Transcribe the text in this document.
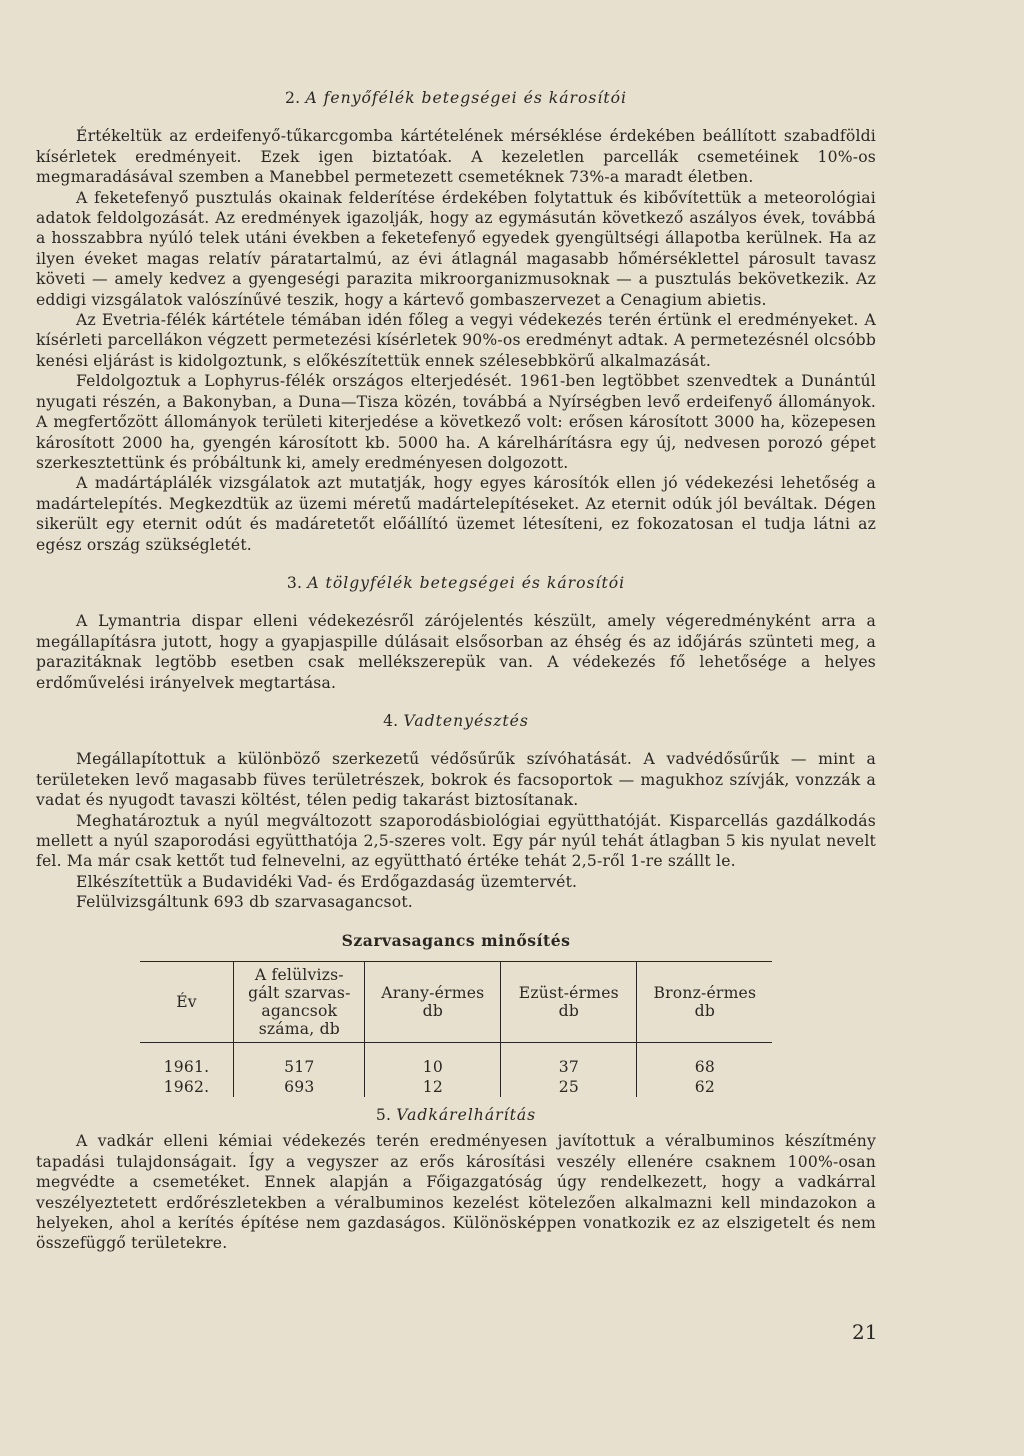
2. A fenyőfélék betegségei és károsítói

Értékeltük az erdeifenyő-tűkarcgomba kártételének mérséklése érdekében beállított szabadföldi kísérletek eredményeit. Ezek igen biztatóak. A kezeletlen parcellák csemetéinek 10%-os megmaradásával szemben a Manebbel permetezett csemetéknek 73%-a maradt életben.

A feketefenyő pusztulás okainak felderítése érdekében folytattuk és kibővítettük a meteorológiai adatok feldolgozását. Az eredmények igazolják, hogy az egymásután következő aszályos évek, továbbá a hosszabbra nyúló telek utáni években a feketefenyő egyedek gyengültségi állapotba kerülnek. Ha az ilyen éveket magas relatív páratartalmú, az évi átlagnál magasabb hőmérséklettel párosult tavasz követi — amely kedvez a gyengeségi parazita mikroorganizmusoknak — a pusztulás bekövetkezik. Az eddigi vizsgálatok valószínűvé teszik, hogy a kártevő gombaszervezet a Cenagium abietis.

Az Evetria-félék kártétele témában idén főleg a vegyi védekezés terén értünk el eredményeket. A kísérleti parcellákon végzett permetezési kísérletek 90%-os eredményt adtak. A permetezésnél olcsóbb kenési eljárást is kidolgoztunk, s előkészítettük ennek szélesebbkörű alkalmazását.

Feldolgoztuk a Lophyrus-félék országos elterjedését. 1961-ben legtöbbet szenvedtek a Dunántúl nyugati részén, a Bakonyban, a Duna—Tisza közén, továbbá a Nyírségben levő erdeifenyő állományok. A megfertőzött állományok területi kiterjedése a következő volt: erősen károsított 3000 ha, közepesen károsított 2000 ha, gyengén károsított kb. 5000 ha. A kárelhárításra egy új, nedvesen porozó gépet szerkesztettünk és próbáltunk ki, amely eredményesen dolgozott.

A madártáplálék vizsgálatok azt mutatják, hogy egyes károsítók ellen jó védekezési lehetőség a madártelepítés. Megkezdtük az üzemi méretű madártelepítéseket. Az eternit odúk jól beváltak. Dégen sikerült egy eternit odút és madáretetőt előállító üzemet létesíteni, ez fokozatosan el tudja látni az egész ország szükségletét.

3. A tölgyfélék betegségei és károsítói

A Lymantria dispar elleni védekezésről zárójelentés készült, amely végeredményként arra a megállapításra jutott, hogy a gyapjaspille dúlásait elsősorban az éhség és az időjárás szünteti meg, a parazitáknak legtöbb esetben csak mellékszerepük van. A védekezés fő lehetősége a helyes erdőművelési irányelvek megtartása.

4. Vadtenyésztés

Megállapítottuk a különböző szerkezetű védősűrűk szívóhatását. A vadvédősűrűk — mint a területeken levő magasabb füves területrészek, bokrok és facsoportok — magukhoz szívják, vonzzák a vadat és nyugodt tavaszi költést, télen pedig takarást biztosítanak.

Meghatároztuk a nyúl megváltozott szaporodásbiológiai együtthatóját. Kisparcellás gazdálkodás mellett a nyúl szaporodási együtthatója 2,5-szeres volt. Egy pár nyúl tehát átlagban 5 kis nyulat nevelt fel. Ma már csak kettőt tud felnevelni, az együttható értéke tehát 2,5-ről 1-re szállt le.

Elkészítettük a Budavidéki Vad- és Erdőgazdaság üzemtervét.

Felülvizsgáltunk 693 db szarvasagancsot.

Szarvasagancs minősítés
Év	A felülvizs-gált szarvas-agancsok száma, db	Arany-érmes db	Ezüst-érmes db	Bronz-érmes db
1961.	517	10	37	68
1962.	693	12	25	62
5. Vadkárelhárítás

A vadkár elleni kémiai védekezés terén eredményesen javítottuk a véralbuminos készítmény tapadási tulajdonságait. Így a vegyszer az erős károsítási veszély ellenére csaknem 100%-osan megvédte a csemetéket. Ennek alapján a Főigazgatóság úgy rendelkezett, hogy a vadkárral veszélyeztetett erdőrészletekben a véralbuminos kezelést kötelezően alkalmazni kell mindazokon a helyeken, ahol a kerítés építése nem gazdaságos. Különösképpen vonatkozik ez az elszigetelt és nem összefüggő területekre.

21
